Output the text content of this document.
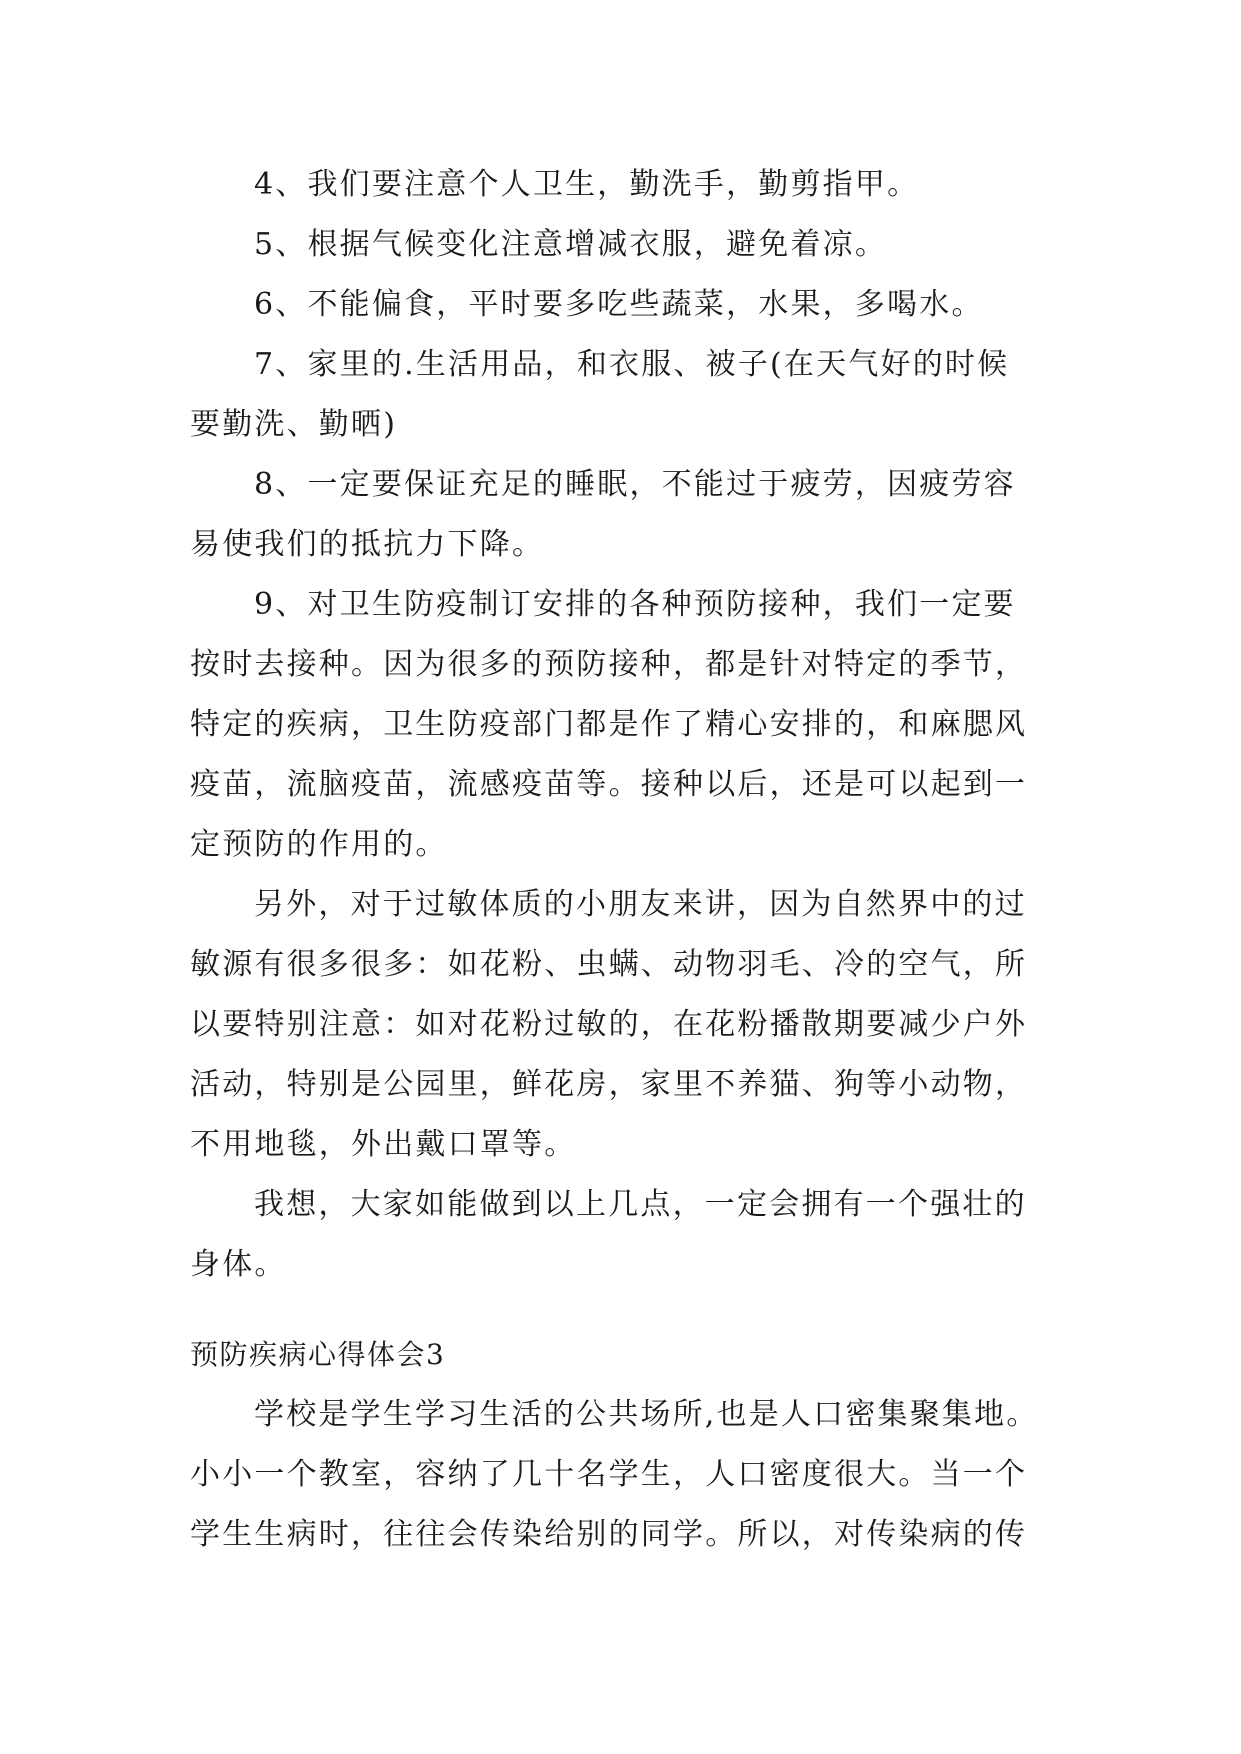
4、我们要注意个人卫生，勤洗手，勤剪指甲。
5、根据气候变化注意增减衣服，避免着凉。
6、不能偏食，平时要多吃些蔬菜，水果，多喝水。
7、家里的.生活用品，和衣服、被子(在天气好的时候
要勤洗、勤晒)
8、一定要保证充足的睡眠，不能过于疲劳，因疲劳容
易使我们的抵抗力下降。
9、对卫生防疫制订安排的各种预防接种，我们一定要
按时去接种。因为很多的预防接种，都是针对特定的季节，
特定的疾病，卫生防疫部门都是作了精心安排的，和麻腮风
疫苗，流脑疫苗，流感疫苗等。接种以后，还是可以起到一
定预防的作用的。
另外，对于过敏体质的小朋友来讲，因为自然界中的过
敏源有很多很多：如花粉、虫螨、动物羽毛、冷的空气，所
以要特别注意：如对花粉过敏的，在花粉播散期要减少户外
活动，特别是公园里，鲜花房，家里不养猫、狗等小动物，
不用地毯，外出戴口罩等。
我想，大家如能做到以上几点，一定会拥有一个强壮的
身体。
预防疾病心得体会3
学校是学生学习生活的公共场所,也是人口密集聚集地。
小小一个教室，容纳了几十名学生，人口密度很大。当一个
学生生病时，往往会传染给别的同学。所以，对传染病的传
